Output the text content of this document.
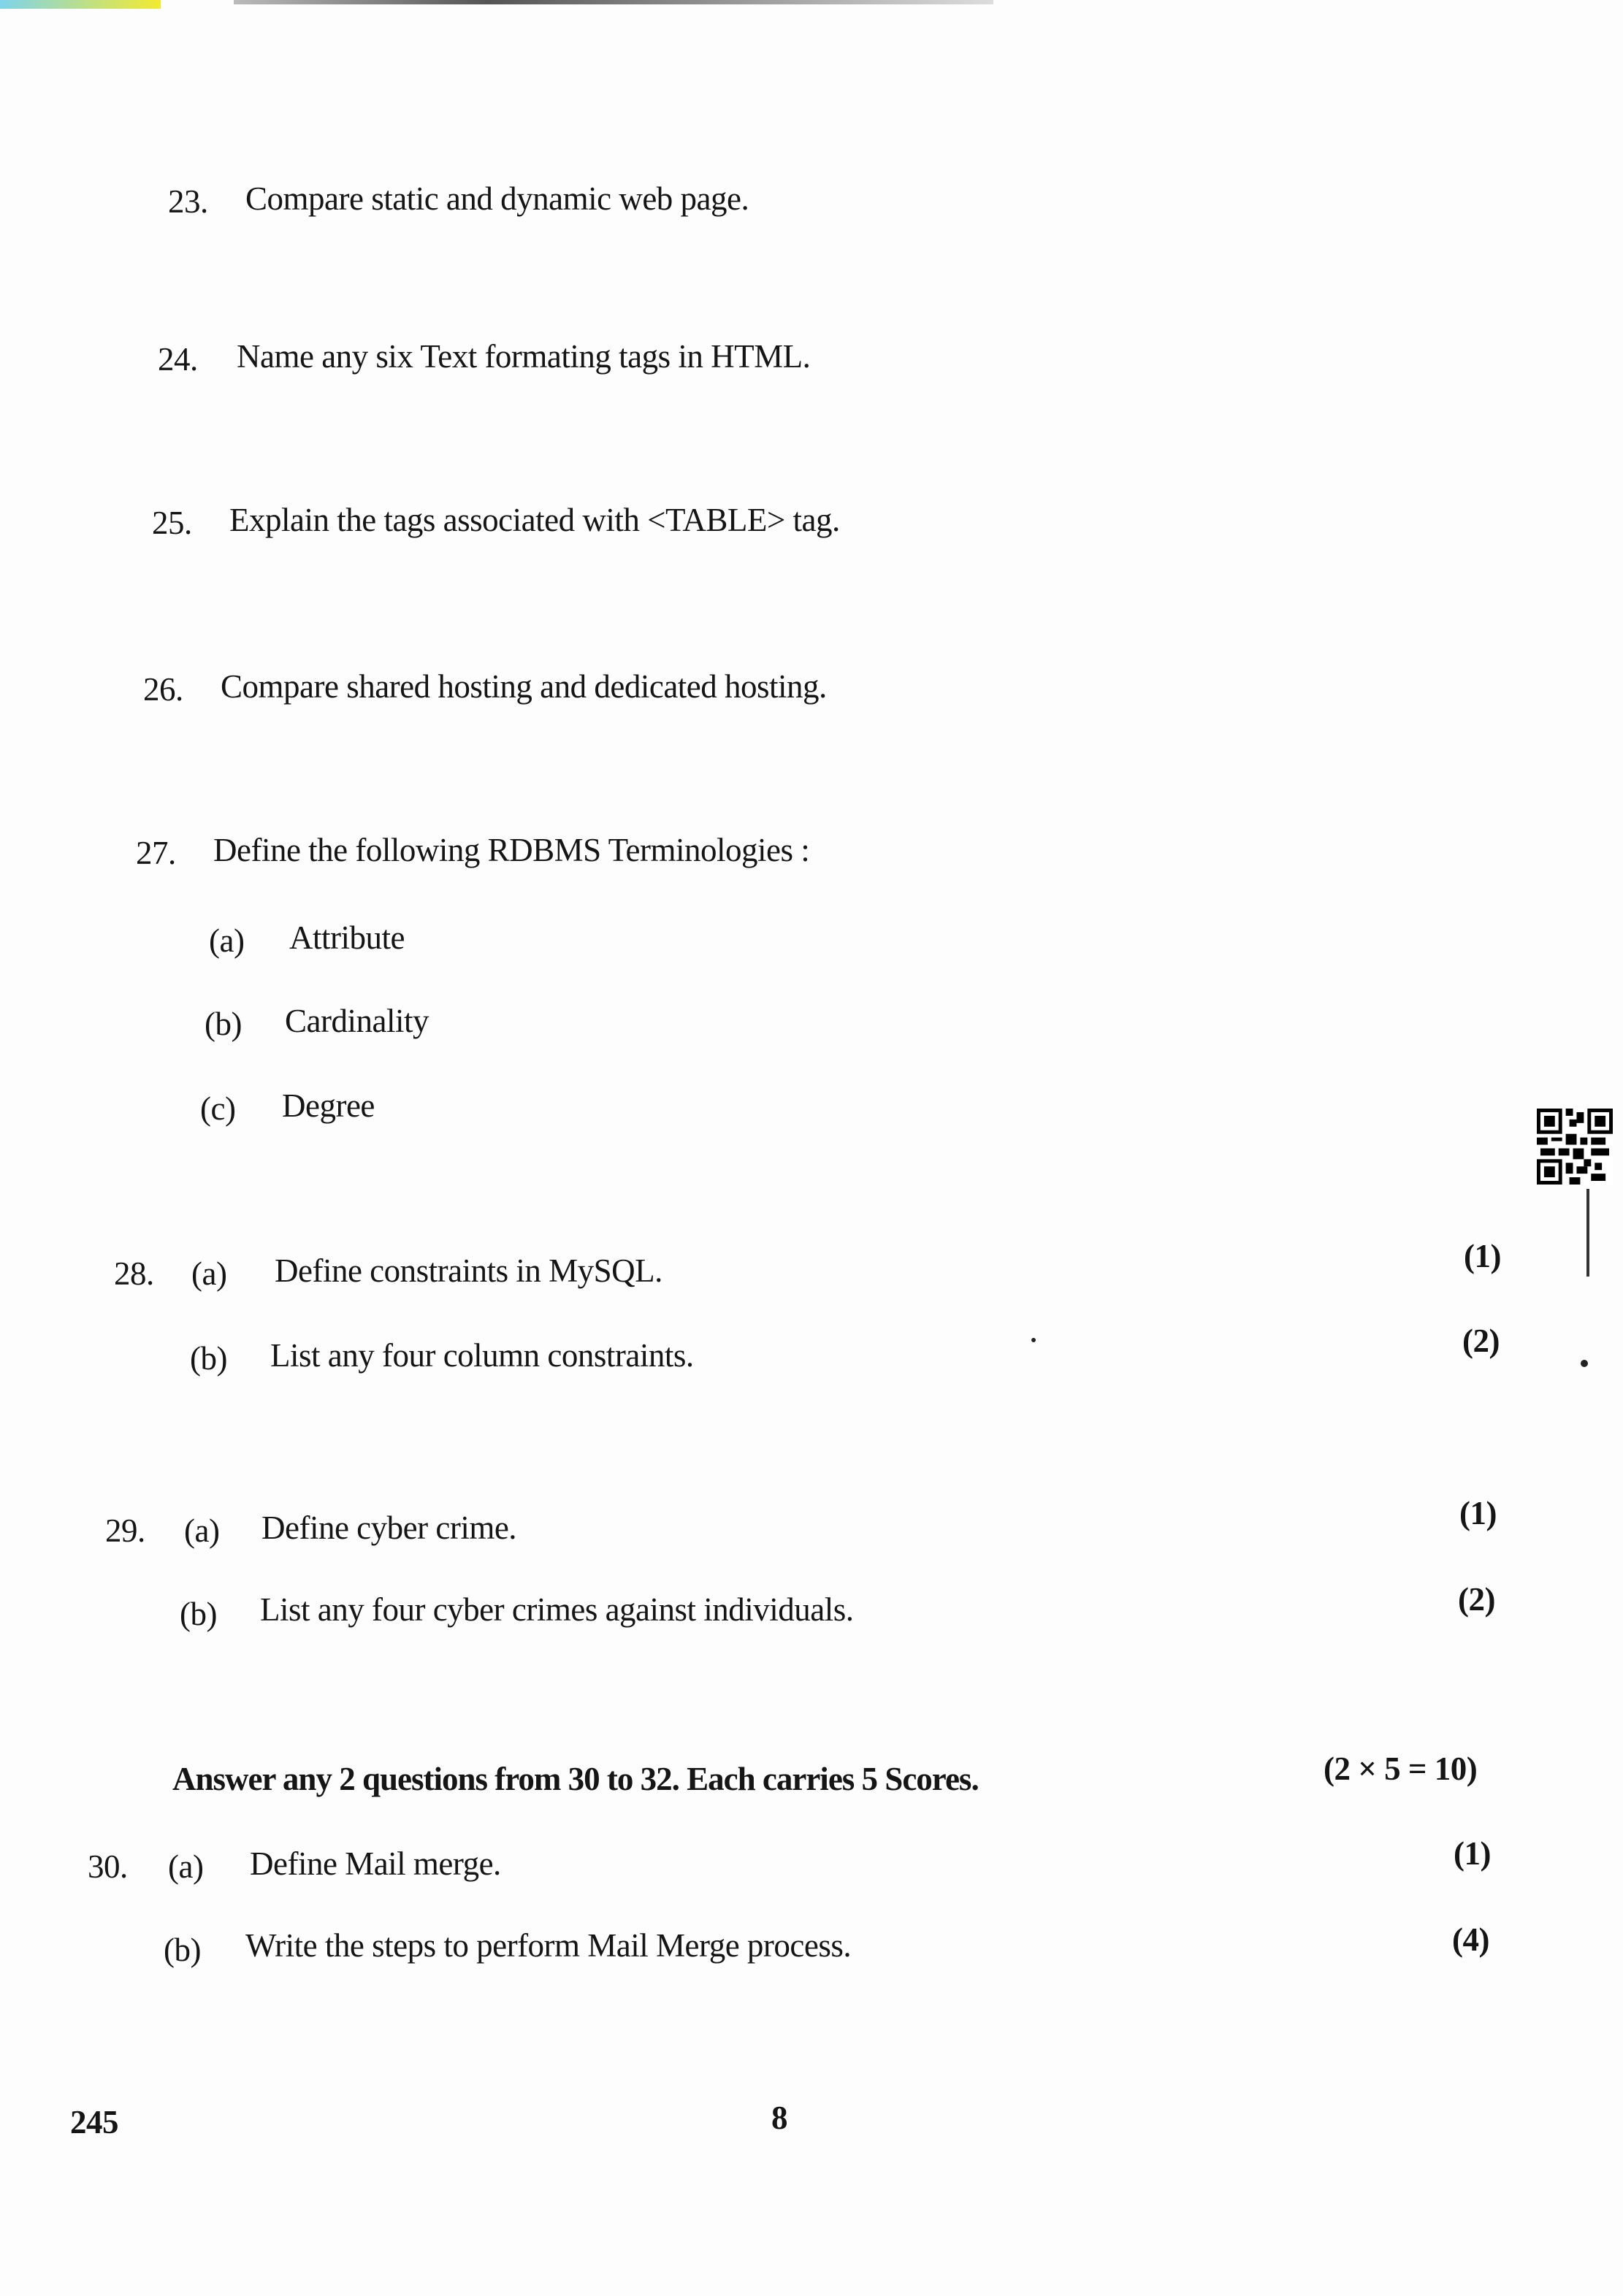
23. Compare static and dynamic web page.
24. Name any six Text formating tags in HTML.
25. Explain the tags associated with <TABLE> tag.
26. Compare shared hosting and dedicated hosting.
27. Define the following RDBMS Terminologies :
(a) Attribute
(b) Cardinality
(c) Degree
28. (a) Define constraints in MySQL.	(1)
(b) List any four column constraints.	(2)
29. (a) Define cyber crime.	(1)
(b) List any four cyber crimes against individuals.	(2)
Answer any 2 questions from 30 to 32. Each carries 5 Scores.	(2 × 5 = 10)
30. (a) Define Mail merge.	(1)
(b) Write the steps to perform Mail Merge process.	(4)
245	8
